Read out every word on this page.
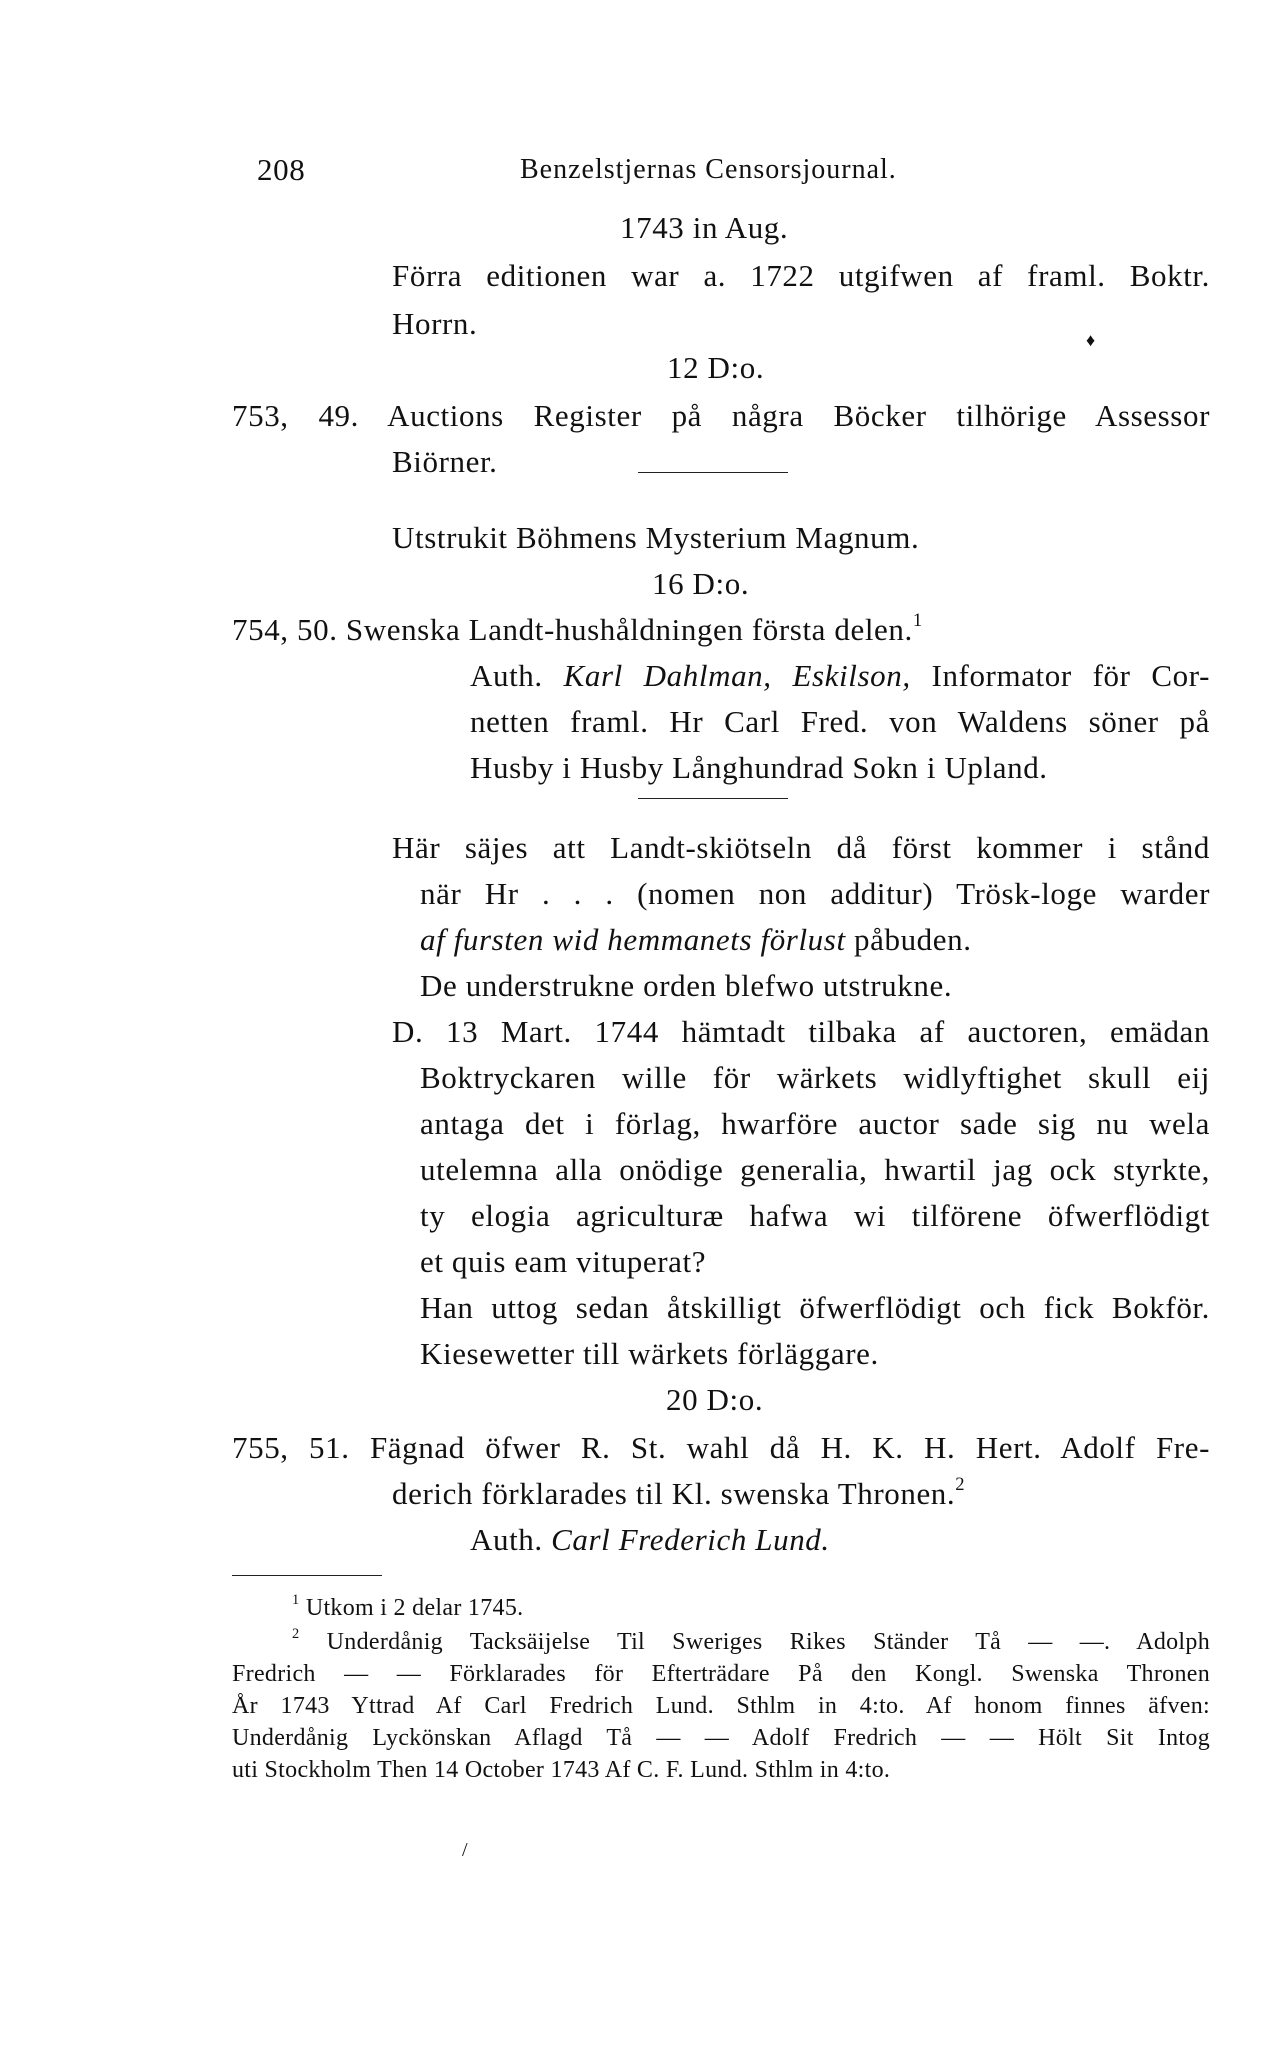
208	Benzelstjernas Censorsjournal.
1743 in Aug.
Förra editionen war a. 1722 utgifwen af framl. Boktr.
Horrn.	♦
12 D:o.
753, 49. Auctions Register på några Böcker tilhörige Assessor
Biörner.
Utstrukit Böhmens Mysterium Magnum.
16 D:o.
754, 50. Swenska Landt-hushåldningen första delen.$^1$
Auth. Karl Dahlman, Eskilson, Informator för Cor-
netten framl. Hr Carl Fred. von Waldens söner på
Husby i Husby Långhundrad Sokn i Upland.
Här säjes att Landt-skiötseln då först kommer i stånd
när Hr . . . (nomen non additur) Trösk-loge warder
af fursten wid hemmanets förlust påbuden.
De understrukne orden blefwo utstrukne.
D. 13 Mart. 1744 hämtadt tilbaka af auctoren, emädan
Boktryckaren wille för wärkets widlyftighet skull eij
antaga det i förlag, hwarföre auctor sade sig nu wela
utelemna alla onödige generalia, hwartil jag ock styrkte,
ty elogia agriculturæ hafwa wi tilförene öfwerflödigt
et quis eam vituperat?
Han uttog sedan åtskilligt öfwerflödigt och fick Bokför.
Kiesewetter till wärkets förläggare.
20 D:o.
755, 51. Fägnad öfwer R. St. wahl då H. K. H. Hert. Adolf Fre-
derich förklarades til Kl. swenska Thronen.$^2$
Auth. Carl Frederich Lund.
$^1$ Utkom i 2 delar 1745.
$^2$ Underdånig Tacksäijelse Til Sweriges Rikes Ständer Tå — —. Adolph
Fredrich — — Förklarades för Efterträdare På den Kongl. Swenska Thronen
År 1743 Yttrad Af Carl Fredrich Lund. Sthlm in 4:to. Af honom finnes äfven:
Underdånig Lyckönskan Aflagd Tå — — Adolf Fredrich — — Hölt Sit Intog
uti Stockholm Then 14 October 1743 Af C. F. Lund. Sthlm in 4:to.
/
